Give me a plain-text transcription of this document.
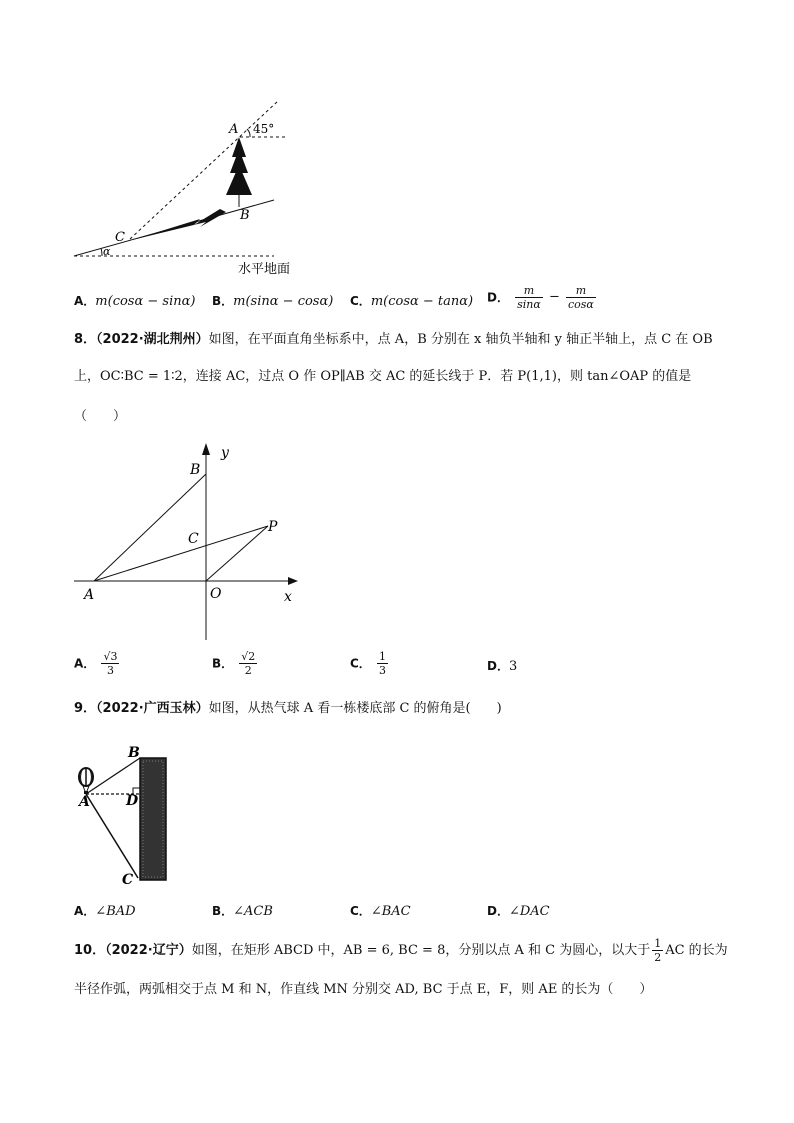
A 45°
B
C
α
水平地面
A．m(cosα − sinα) B．m(sinα − cosα) C．m(cosα − tanα) D． $\frac{m}{\sin\alpha} - \frac{m}{\cos\alpha}$
8．（2022·湖北荆州）如图，在平面直角坐标系中，点 A，B 分别在 x 轴负半轴和 y 轴正半轴上，点 C 在 OB
上，OC∶BC = 1∶2，连接 AC，过点 O 作 OP∥AB 交 AC 的延长线于 P．若 P(1,1)，则 tan∠OAP 的值是
（　　）
y
x
B
C
P
A	O
A． $\frac{√3}{3}$	B． $\frac{√2}{2}$	C． $\frac{1}{3}$	D．3
9．（2022·广西玉林）如图，从热气球 A 看一栋楼底部 C 的俯角是(　　)
B
D
A
C
A．∠BAD	B．∠ACB	C．∠BAC	D．∠DAC
10．（2022·辽宁）如图，在矩形 ABCD 中，AB = 6, BC = 8，分别以点 A 和 C 为圆心，以大于 $\frac{1}{2}$ AC 的长为
半径作弧，两弧相交于点 M 和 N，作直线 MN 分别交 AD, BC 于点 E，F，则 AE 的长为（　　）
